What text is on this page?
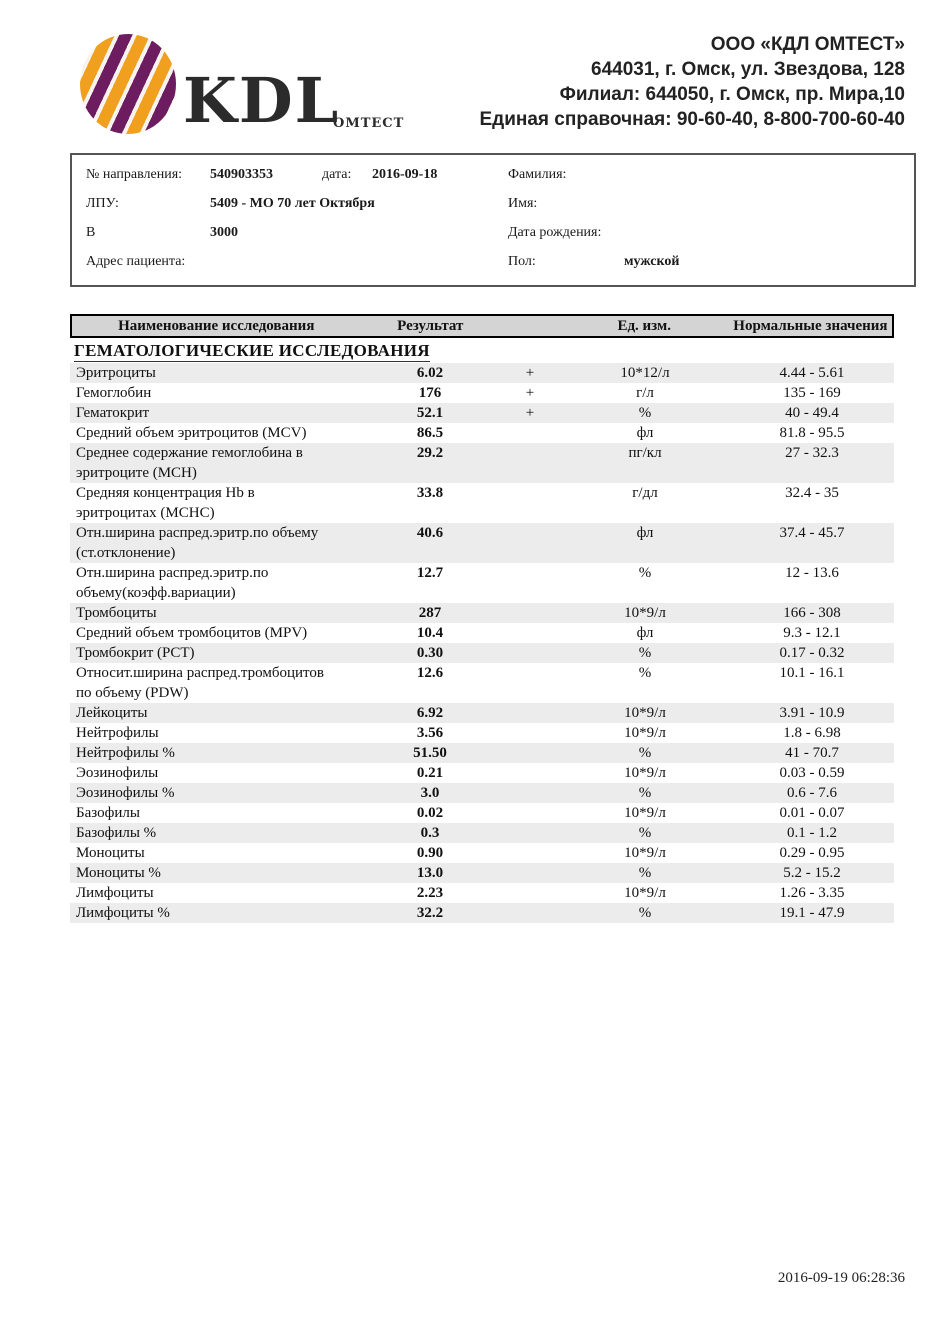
KDL
ОМТЕСТ
ООО «КДЛ ОМТЕСТ»
644031, г. Омск, ул. Звездова, 128
Филиал: 644050, г. Омск, пр. Мира,10
Единая справочная: 90-60-40, 8-800-700-60-40
№ направления: 540903353	дата: 2016-09-18	Фамилия:
ЛПУ:	5409 - МО 70 лет Октября	Имя:
В	3000	Дата рождения:
Адрес пациента:	Пол:	мужской
Наименование исследования	Результат	Ед. изм.	Нормальные значения
ГЕМАТОЛОГИЧЕСКИЕ ИССЛЕДОВАНИЯ
Эритроциты	6.02	+	10*12/л	4.44 - 5.61
Гемоглобин	176	+	г/л	135 - 169
Гематокрит	52.1	+	%	40 - 49.4
Средний объем эритроцитов (MCV)	86.5	фл	81.8 - 95.5
Среднее содержание гемоглобина в
эритроците (MCH)
29.2	пг/кл	27 - 32.3
Средняя концентрация Hb в
эритроцитах (MCHC)
33.8	г/дл	32.4 - 35
Отн.ширина распред.эритр.по объему
(ст.отклонение)
40.6	фл	37.4 - 45.7
Отн.ширина распред.эритр.по
объему(коэфф.вариации)
12.7	%	12 - 13.6
Тромбоциты	287	10*9/л	166 - 308
Средний объем тромбоцитов (MPV)	10.4	фл	9.3 - 12.1
Тромбокрит (PCT)	0.30	%	0.17 - 0.32
Относит.ширина распред.тромбоцитов
по объему (PDW)
12.6	%	10.1 - 16.1
Лейкоциты	6.92	10*9/л	3.91 - 10.9
Нейтрофилы	3.56	10*9/л	1.8 - 6.98
Нейтрофилы %	51.50	%	41 - 70.7
Эозинофилы	0.21	10*9/л	0.03 - 0.59
Эозинофилы %	3.0	%	0.6 - 7.6
Базофилы	0.02	10*9/л	0.01 - 0.07
Базофилы %	0.3	%	0.1 - 1.2
Моноциты	0.90	10*9/л	0.29 - 0.95
Моноциты %	13.0	%	5.2 - 15.2
Лимфоциты	2.23	10*9/л	1.26 - 3.35
Лимфоциты %	32.2	%	19.1 - 47.9
2016-09-19 06:28:36
